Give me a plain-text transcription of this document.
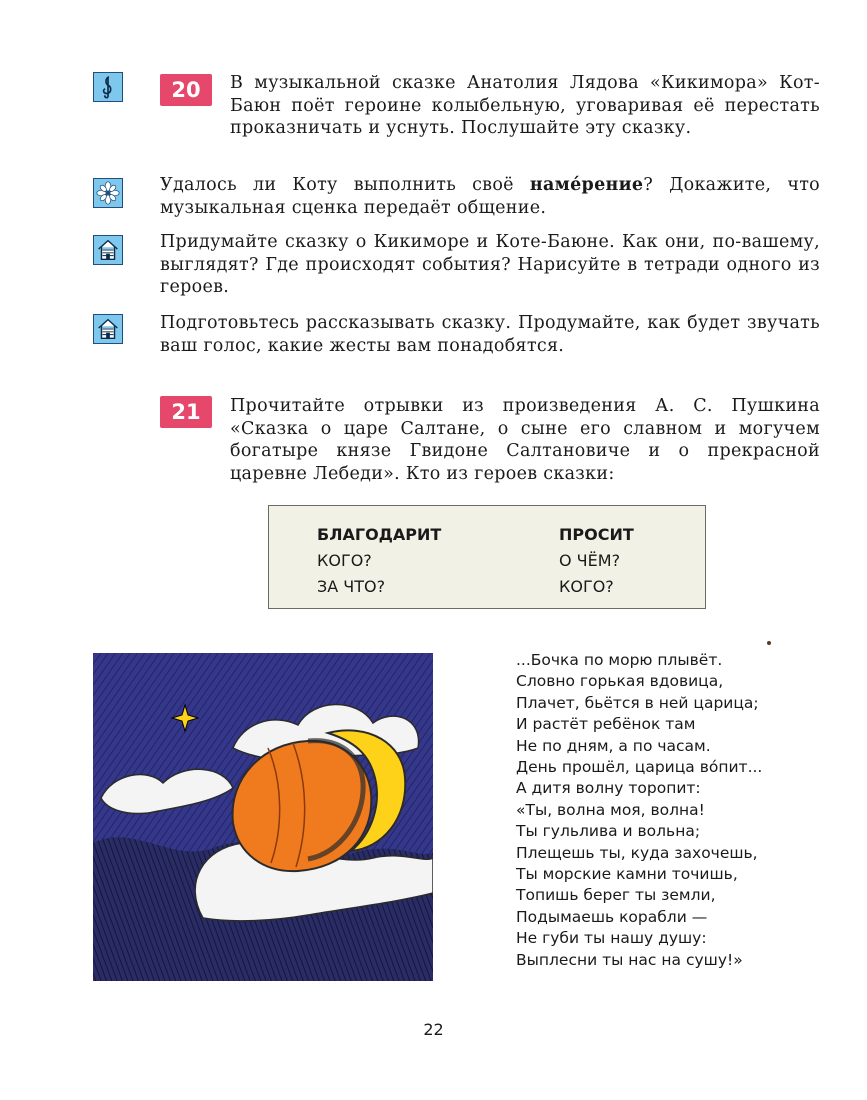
20	В музыкальной сказке Анатолия Лядова «Кикимора» Кот-Баюн поёт героине колыбельную, уговаривая её перестать проказничать и уснуть. Послушайте эту сказку.
Удалось ли Коту выполнить своё намéрение? Докажите, что музыкальная сценка передаёт общение.
Придумайте сказку о Кикиморе и Коте-Баюне. Как они, по-вашему, выглядят? Где происходят события? Нарисуйте в тетради одного из героев.
Подготовьтесь рассказывать сказку. Продумайте, как будет звучать ваш голос, какие жесты вам понадобятся.
21	Прочитайте отрывки из произведения А. С. Пушкина «Сказка о царе Салтане, о сыне его славном и могучем богатыре князе Гвидоне Салтановиче и о прекрасной царевне Лебеди». Кто из героев сказки:
БЛАГОДАРИТ
КОГО?
ЗА ЧТО?
ПРОСИТ
О ЧЁМ?
КОГО?
...Бочка по морю плывёт.
Словно горькая вдовица,
Плачет, бьётся в ней царица;
И растёт ребёнок там
Не по дням, а по часам.
День прошёл, царица вóпит...
А дитя волну торопит:
«Ты, волна моя, волна!
Ты гульлива и вольна;
Плещешь ты, куда захочешь,
Ты морские камни точишь,
Топишь берег ты земли,
Подымаешь корабли —
Не губи ты нашу душу:
Выплесни ты нас на сушу!»
22
